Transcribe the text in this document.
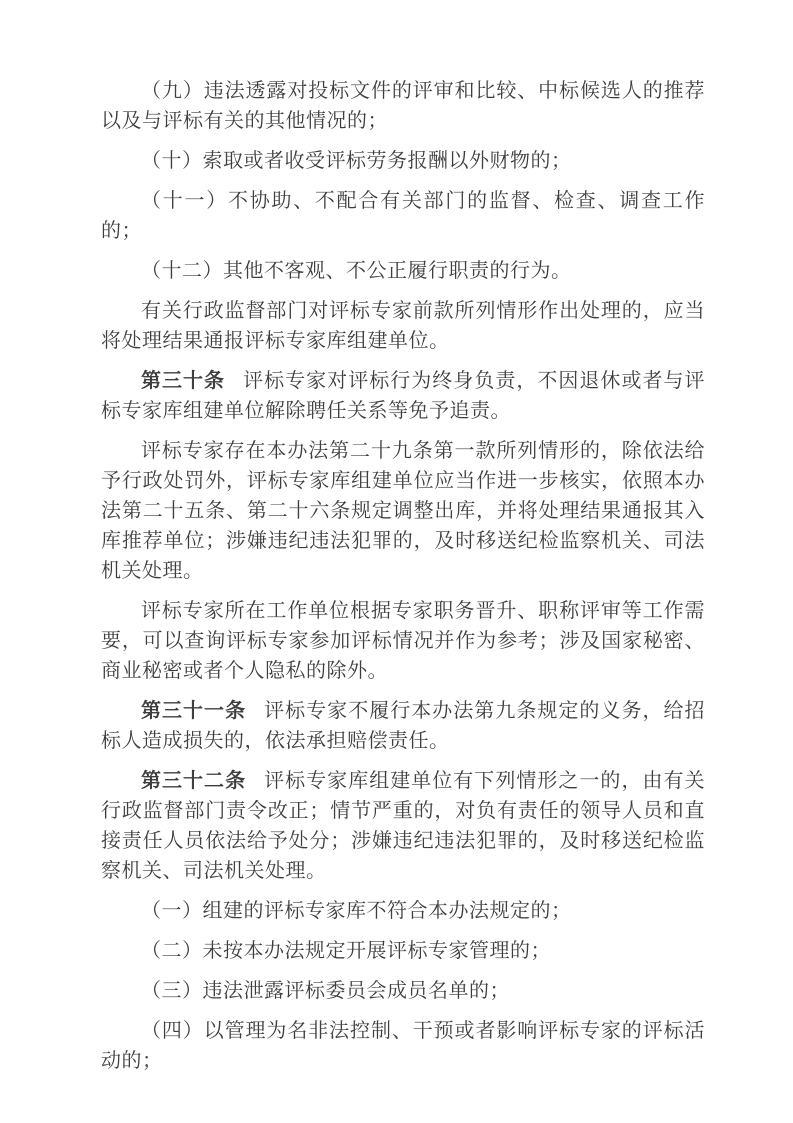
（九）违法透露对投标文件的评审和比较、中标候选人的推荐以及与评标有关的其他情况的；

（十）索取或者收受评标劳务报酬以外财物的；

（十一）不协助、不配合有关部门的监督、检查、调查工作的；

（十二）其他不客观、不公正履行职责的行为。

有关行政监督部门对评标专家前款所列情形作出处理的，应当将处理结果通报评标专家库组建单位。

第三十条 评标专家对评标行为终身负责，不因退休或者与评标专家库组建单位解除聘任关系等免予追责。

评标专家存在本办法第二十九条第一款所列情形的，除依法给予行政处罚外，评标专家库组建单位应当作进一步核实，依照本办法第二十五条、第二十六条规定调整出库，并将处理结果通报其入库推荐单位；涉嫌违纪违法犯罪的，及时移送纪检监察机关、司法机关处理。

评标专家所在工作单位根据专家职务晋升、职称评审等工作需要，可以查询评标专家参加评标情况并作为参考；涉及国家秘密、商业秘密或者个人隐私的除外。

第三十一条 评标专家不履行本办法第九条规定的义务，给招标人造成损失的，依法承担赔偿责任。

第三十二条 评标专家库组建单位有下列情形之一的，由有关行政监督部门责令改正；情节严重的，对负有责任的领导人员和直接责任人员依法给予处分；涉嫌违纪违法犯罪的，及时移送纪检监察机关、司法机关处理。

（一）组建的评标专家库不符合本办法规定的；

（二）未按本办法规定开展评标专家管理的；

（三）违法泄露评标委员会成员名单的；

（四）以管理为名非法控制、干预或者影响评标专家的评标活动的；
